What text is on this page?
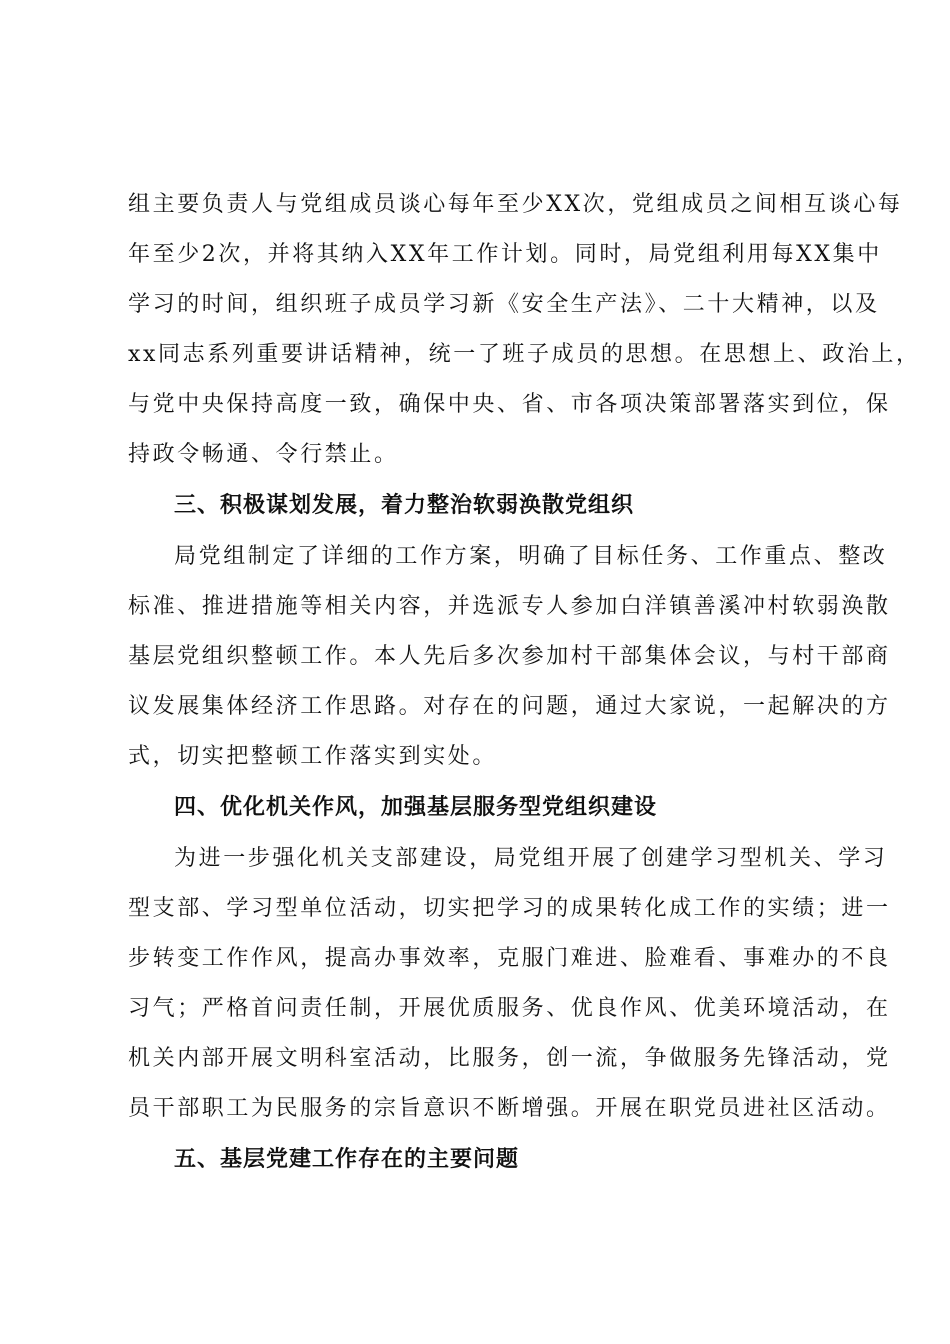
组主要负责人与党组成员谈心每年至少XX次，党组成员之间相互谈心每
年至少2次，并将其纳入XX年工作计划。同时，局党组利用每XX集中
学习的时间，组织班子成员学习新《安全生产法》、二十大精神，以及
xx同志系列重要讲话精神，统一了班子成员的思想。在思想上、政治上，
与党中央保持高度一致，确保中央、省、市各项决策部署落实到位，保
持政令畅通、令行禁止。
三、积极谋划发展，着力整治软弱涣散党组织
局党组制定了详细的工作方案，明确了目标任务、工作重点、整改
标准、推进措施等相关内容，并选派专人参加白洋镇善溪冲村软弱涣散
基层党组织整顿工作。本人先后多次参加村干部集体会议，与村干部商
议发展集体经济工作思路。对存在的问题，通过大家说，一起解决的方
式，切实把整顿工作落实到实处。
四、优化机关作风，加强基层服务型党组织建设
为进一步强化机关支部建设，局党组开展了创建学习型机关、学习
型支部、学习型单位活动，切实把学习的成果转化成工作的实绩；进一
步转变工作作风，提高办事效率，克服门难进、脸难看、事难办的不良
习气；严格首问责任制，开展优质服务、优良作风、优美环境活动，在
机关内部开展文明科室活动，比服务，创一流，争做服务先锋活动，党
员干部职工为民服务的宗旨意识不断增强。开展在职党员进社区活动。
五、基层党建工作存在的主要问题
